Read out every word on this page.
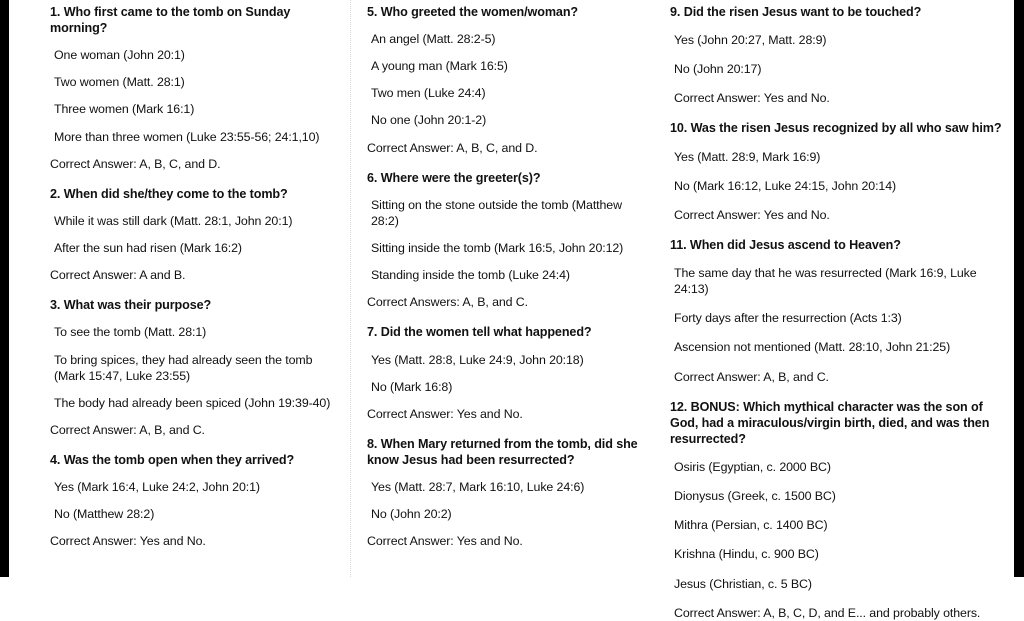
1. Who first came to the tomb on Sunday morning?
One woman (John 20:1)
Two women (Matt. 28:1)
Three women (Mark 16:1)
More than three women (Luke 23:55-56; 24:1,10)
Correct Answer: A, B, C, and D.
2. When did she/they come to the tomb?
While it was still dark (Matt. 28:1, John 20:1)
After the sun had risen (Mark 16:2)
Correct Answer: A and B.
3. What was their purpose?
To see the tomb (Matt. 28:1)
To bring spices, they had already seen the tomb (Mark 15:47, Luke 23:55)
The body had already been spiced (John 19:39-40)
Correct Answer: A, B, and C.
4. Was the tomb open when they arrived?
Yes (Mark 16:4, Luke 24:2, John 20:1)
No (Matthew 28:2)
Correct Answer: Yes and No.
5. Who greeted the women/woman?
An angel (Matt. 28:2-5)
A young man (Mark 16:5)
Two men (Luke 24:4)
No one (John 20:1-2)
Correct Answer: A, B, C, and D.
6. Where were the greeter(s)?
Sitting on the stone outside the tomb (Matthew 28:2)
Sitting inside the tomb (Mark 16:5, John 20:12)
Standing inside the tomb (Luke 24:4)
Correct Answers: A, B, and C.
7. Did the women tell what happened?
Yes (Matt. 28:8, Luke 24:9, John 20:18)
No (Mark 16:8)
Correct Answer: Yes and No.
8. When Mary returned from the tomb, did she know Jesus had been resurrected?
Yes (Matt. 28:7, Mark 16:10, Luke 24:6)
No (John 20:2)
Correct Answer: Yes and No.
9. Did the risen Jesus want to be touched?
Yes (John 20:27, Matt. 28:9)
No (John 20:17)
Correct Answer: Yes and No.
10. Was the risen Jesus recognized by all who saw him?
Yes (Matt. 28:9, Mark 16:9)
No (Mark 16:12, Luke 24:15, John 20:14)
Correct Answer: Yes and No.
11. When did Jesus ascend to Heaven?
The same day that he was resurrected (Mark 16:9, Luke 24:13)
Forty days after the resurrection (Acts 1:3)
Ascension not mentioned (Matt. 28:10, John 21:25)
Correct Answer: A, B, and C.
12. BONUS: Which mythical character was the son of God, had a miraculous/virgin birth, died, and was then resurrected?
Osiris (Egyptian, c. 2000 BC)
Dionysus (Greek, c. 1500 BC)
Mithra (Persian, c. 1400 BC)
Krishna (Hindu, c. 900 BC)
Jesus (Christian, c. 5 BC)
Correct Answer: A, B, C, D, and E... and probably others.
